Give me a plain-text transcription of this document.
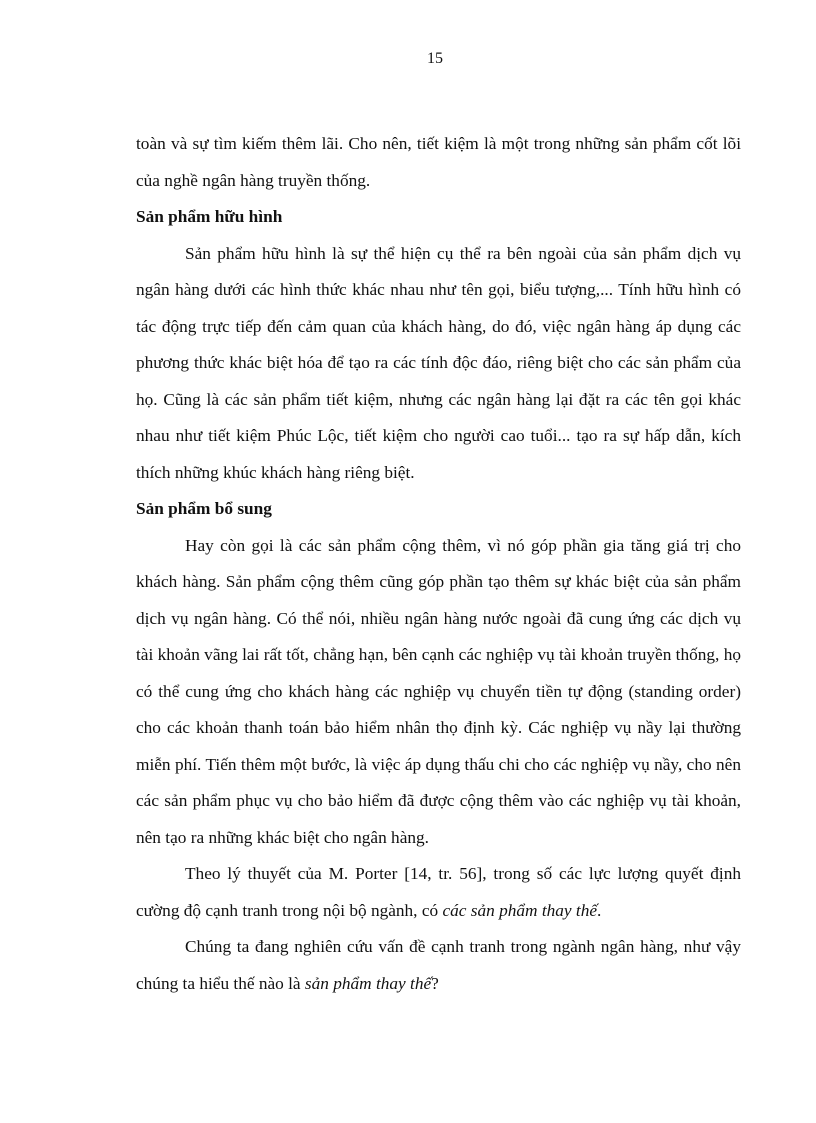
15

toàn và sự tìm kiếm thêm lãi. Cho nên, tiết kiệm là một trong những sản phẩm cốt lõi của nghề ngân hàng truyền thống.

Sản phẩm hữu hình

Sản phẩm hữu hình là sự thể hiện cụ thể ra bên ngoài của sản phẩm dịch vụ ngân hàng dưới các hình thức khác nhau như tên gọi, biểu tượng,... Tính hữu hình có tác động trực tiếp đến cảm quan của khách hàng, do đó, việc ngân hàng áp dụng các phương thức khác biệt hóa để tạo ra các tính độc đáo, riêng biệt cho các sản phẩm của họ. Cũng là các sản phẩm tiết kiệm, nhưng các ngân hàng lại đặt ra các tên gọi khác nhau như tiết kiệm Phúc Lộc, tiết kiệm cho người cao tuổi... tạo ra sự hấp dẫn, kích thích những khúc khách hàng riêng biệt.

Sản phẩm bổ sung

Hay còn gọi là các sản phẩm cộng thêm, vì nó góp phần gia tăng giá trị cho khách hàng. Sản phẩm cộng thêm cũng góp phần tạo thêm sự khác biệt của sản phẩm dịch vụ ngân hàng. Có thể nói, nhiều ngân hàng nước ngoài đã cung ứng các dịch vụ tài khoản vãng lai rất tốt, chẳng hạn, bên cạnh các nghiệp vụ tài khoản truyền thống, họ có thể cung ứng cho khách hàng các nghiệp vụ chuyển tiền tự động (standing order) cho các khoản thanh toán bảo hiểm nhân thọ định kỳ. Các nghiệp vụ nầy lại thường miễn phí. Tiến thêm một bước, là việc áp dụng thấu chi cho các nghiệp vụ nầy, cho nên các sản phẩm phục vụ cho bảo hiểm đã được cộng thêm vào các nghiệp vụ tài khoản, nên tạo ra những khác biệt cho ngân hàng.

Theo lý thuyết của M. Porter [14, tr. 56], trong số các lực lượng quyết định cường độ cạnh tranh trong nội bộ ngành, có các sản phẩm thay thế.

Chúng ta đang nghiên cứu vấn đề cạnh tranh trong ngành ngân hàng, như vậy chúng ta hiểu thế nào là sản phẩm thay thế?
